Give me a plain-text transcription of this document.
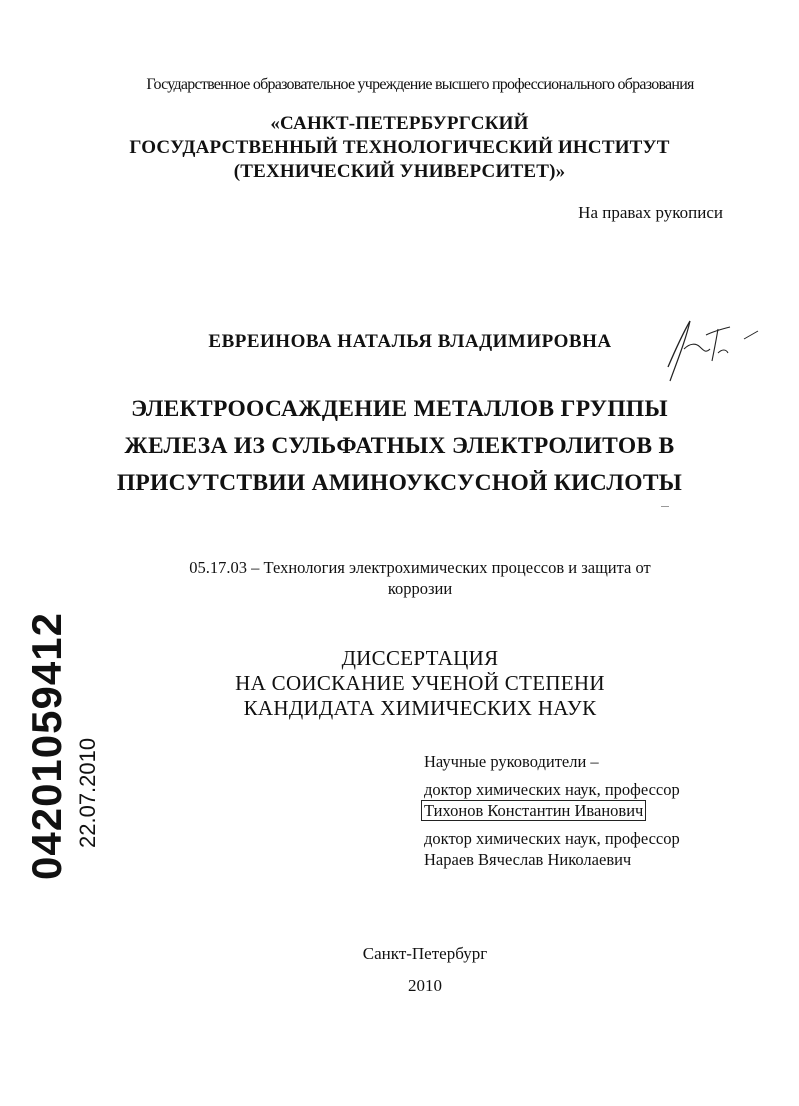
Государственное образовательное учреждение высшего профессионального образования
«САНКТ-ПЕТЕРБУРГСКИЙ
ГОСУДАРСТВЕННЫЙ ТЕХНОЛОГИЧЕСКИЙ ИНСТИТУТ
(ТЕХНИЧЕСКИЙ УНИВЕРСИТЕТ)»
На правах рукописи
ЕВРЕИНОВА НАТАЛЬЯ ВЛАДИМИРОВНА
ЭЛЕКТРООСАЖДЕНИЕ МЕТАЛЛОВ ГРУППЫ
ЖЕЛЕЗА ИЗ СУЛЬФАТНЫХ ЭЛЕКТРОЛИТОВ В
ПРИСУТСТВИИ АМИНОУКСУСНОЙ КИСЛОТЫ
05.17.03 – Технология электрохимических процессов и защита от
коррозии
ДИССЕРТАЦИЯ
НА СОИСКАНИЕ УЧЕНОЙ СТЕПЕНИ
КАНДИДАТА ХИМИЧЕСКИХ НАУК
04201059412 22.07.2010	Научные руководители –
доктор химических наук, профессор
Тихонов Константин Иванович
доктор химических наук, профессор
Нараев Вячеслав Николаевич
Санкт-Петербург
2010
